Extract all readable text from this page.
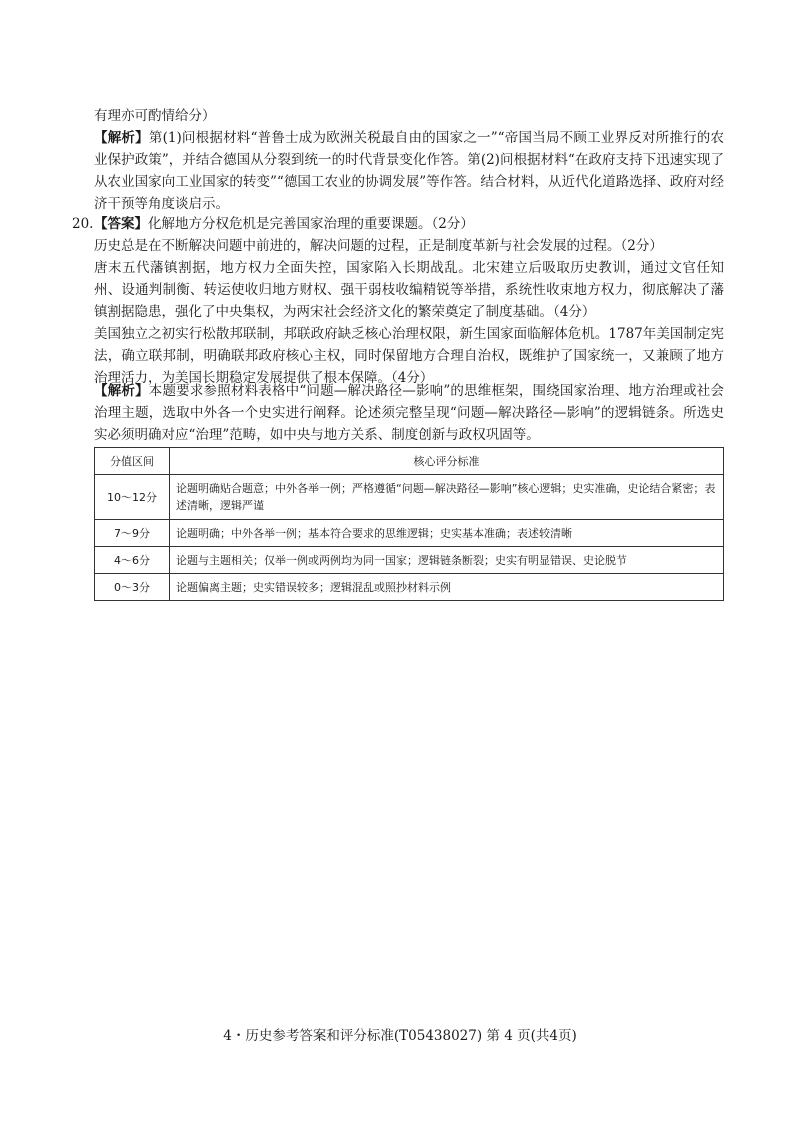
有理亦可酌情给分）

【解析】第(1)问根据材料“普鲁士成为欧洲关税最自由的国家之一”“帝国当局不顾工业界反对所推行的农业保护政策”，并结合德国从分裂到统一的时代背景变化作答。第(2)问根据材料“在政府支持下迅速实现了从农业国家向工业国家的转变”“德国工农业的协调发展”等作答。结合材料，从近代化道路选择、政府对经济干预等角度谈启示。

20. 【答案】化解地方分权危机是完善国家治理的重要课题。（2分）

历史总是在不断解决问题中前进的，解决问题的过程，正是制度革新与社会发展的过程。（2分）

唐末五代藩镇割据，地方权力全面失控，国家陷入长期战乱。北宋建立后吸取历史教训，通过文官任知州、设通判制衡、转运使收归地方财权、强干弱枝收编精锐等举措，系统性收束地方权力，彻底解决了藩镇割据隐患，强化了中央集权，为两宋社会经济文化的繁荣奠定了制度基础。（4分）

美国独立之初实行松散邦联制，邦联政府缺乏核心治理权限，新生国家面临解体危机。1787年美国制定宪法，确立联邦制，明确联邦政府核心主权，同时保留地方合理自治权，既维护了国家统一，又兼顾了地方治理活力，为美国长期稳定发展提供了根本保障。（4分）

【解析】本题要求参照材料表格中“问题—解决路径—影响”的思维框架，围绕国家治理、地方治理或社会治理主题，选取中外各一个史实进行阐释。论述须完整呈现“问题—解决路径—影响”的逻辑链条。所选史实必须明确对应“治理”范畴，如中央与地方关系、制度创新与政权巩固等。

分值区间	核心评分标准
10～12分	论题明确贴合题意；中外各举一例；严格遵循“问题—解决路径—影响”核心逻辑；史实准确，史论结合紧密；表述清晰，逻辑严谨
7～9分	论题明确；中外各举一例；基本符合要求的思维逻辑；史实基本准确；表述较清晰
4～6分	论题与主题相关；仅举一例或两例均为同一国家；逻辑链条断裂；史实有明显错误、史论脱节
0～3分	论题偏离主题；史实错误较多；逻辑混乱或照抄材料示例
4・历史参考答案和评分标准(T05438027) 第 4 页(共4页)
